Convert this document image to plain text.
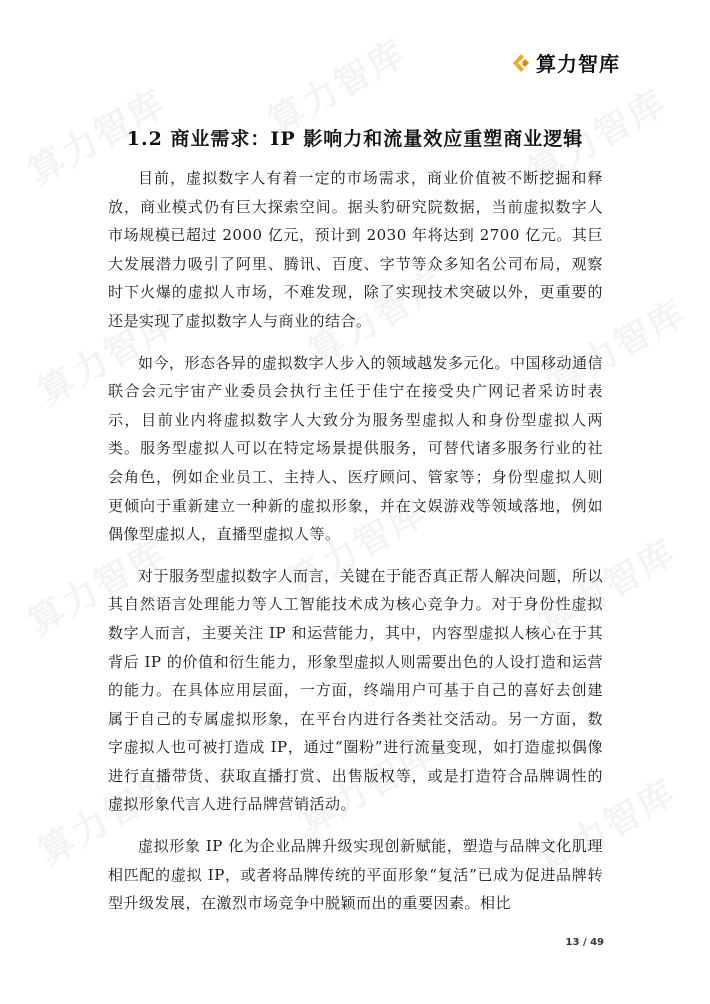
算力智库
1.2 商业需求：IP 影响力和流量效应重塑商业逻辑

目前，虚拟数字人有着一定的市场需求，商业价值被不断挖掘和释放，商业模式仍有巨大探索空间。据头豹研究院数据，当前虚拟数字人市场规模已超过 2000 亿元，预计到 2030 年将达到 2700 亿元。其巨大发展潜力吸引了阿里、腾讯、百度、字节等众多知名公司布局，观察时下火爆的虚拟人市场，不难发现，除了实现技术突破以外，更重要的还是实现了虚拟数字人与商业的结合。

如今，形态各异的虚拟数字人步入的领域越发多元化。中国移动通信联合会元宇宙产业委员会执行主任于佳宁在接受央广网记者采访时表示，目前业内将虚拟数字人大致分为服务型虚拟人和身份型虚拟人两类。服务型虚拟人可以在特定场景提供服务，可替代诸多服务行业的社会角色，例如企业员工、主持人、医疗顾问、管家等；身份型虚拟人则更倾向于重新建立一种新的虚拟形象，并在文娱游戏等领域落地，例如偶像型虚拟人，直播型虚拟人等。

对于服务型虚拟数字人而言，关键在于能否真正帮人解决问题，所以其自然语言处理能力等人工智能技术成为核心竞争力。对于身份性虚拟数字人而言，主要关注 IP 和运营能力，其中，内容型虚拟人核心在于其背后 IP 的价值和衍生能力，形象型虚拟人则需要出色的人设打造和运营的能力。在具体应用层面，一方面，终端用户可基于自己的喜好去创建属于自己的专属虚拟形象，在平台内进行各类社交活动。另一方面，数字虚拟人也可被打造成 IP，通过“圈粉”进行流量变现，如打造虚拟偶像进行直播带货、获取直播打赏、出售版权等，或是打造符合品牌调性的虚拟形象代言人进行品牌营销活动。

虚拟形象 IP 化为企业品牌升级实现创新赋能，塑造与品牌文化肌理相匹配的虚拟 IP，或者将品牌传统的平面形象“复活”已成为促进品牌转型升级发展，在激烈市场竞争中脱颖而出的重要因素。相比

13 / 49
